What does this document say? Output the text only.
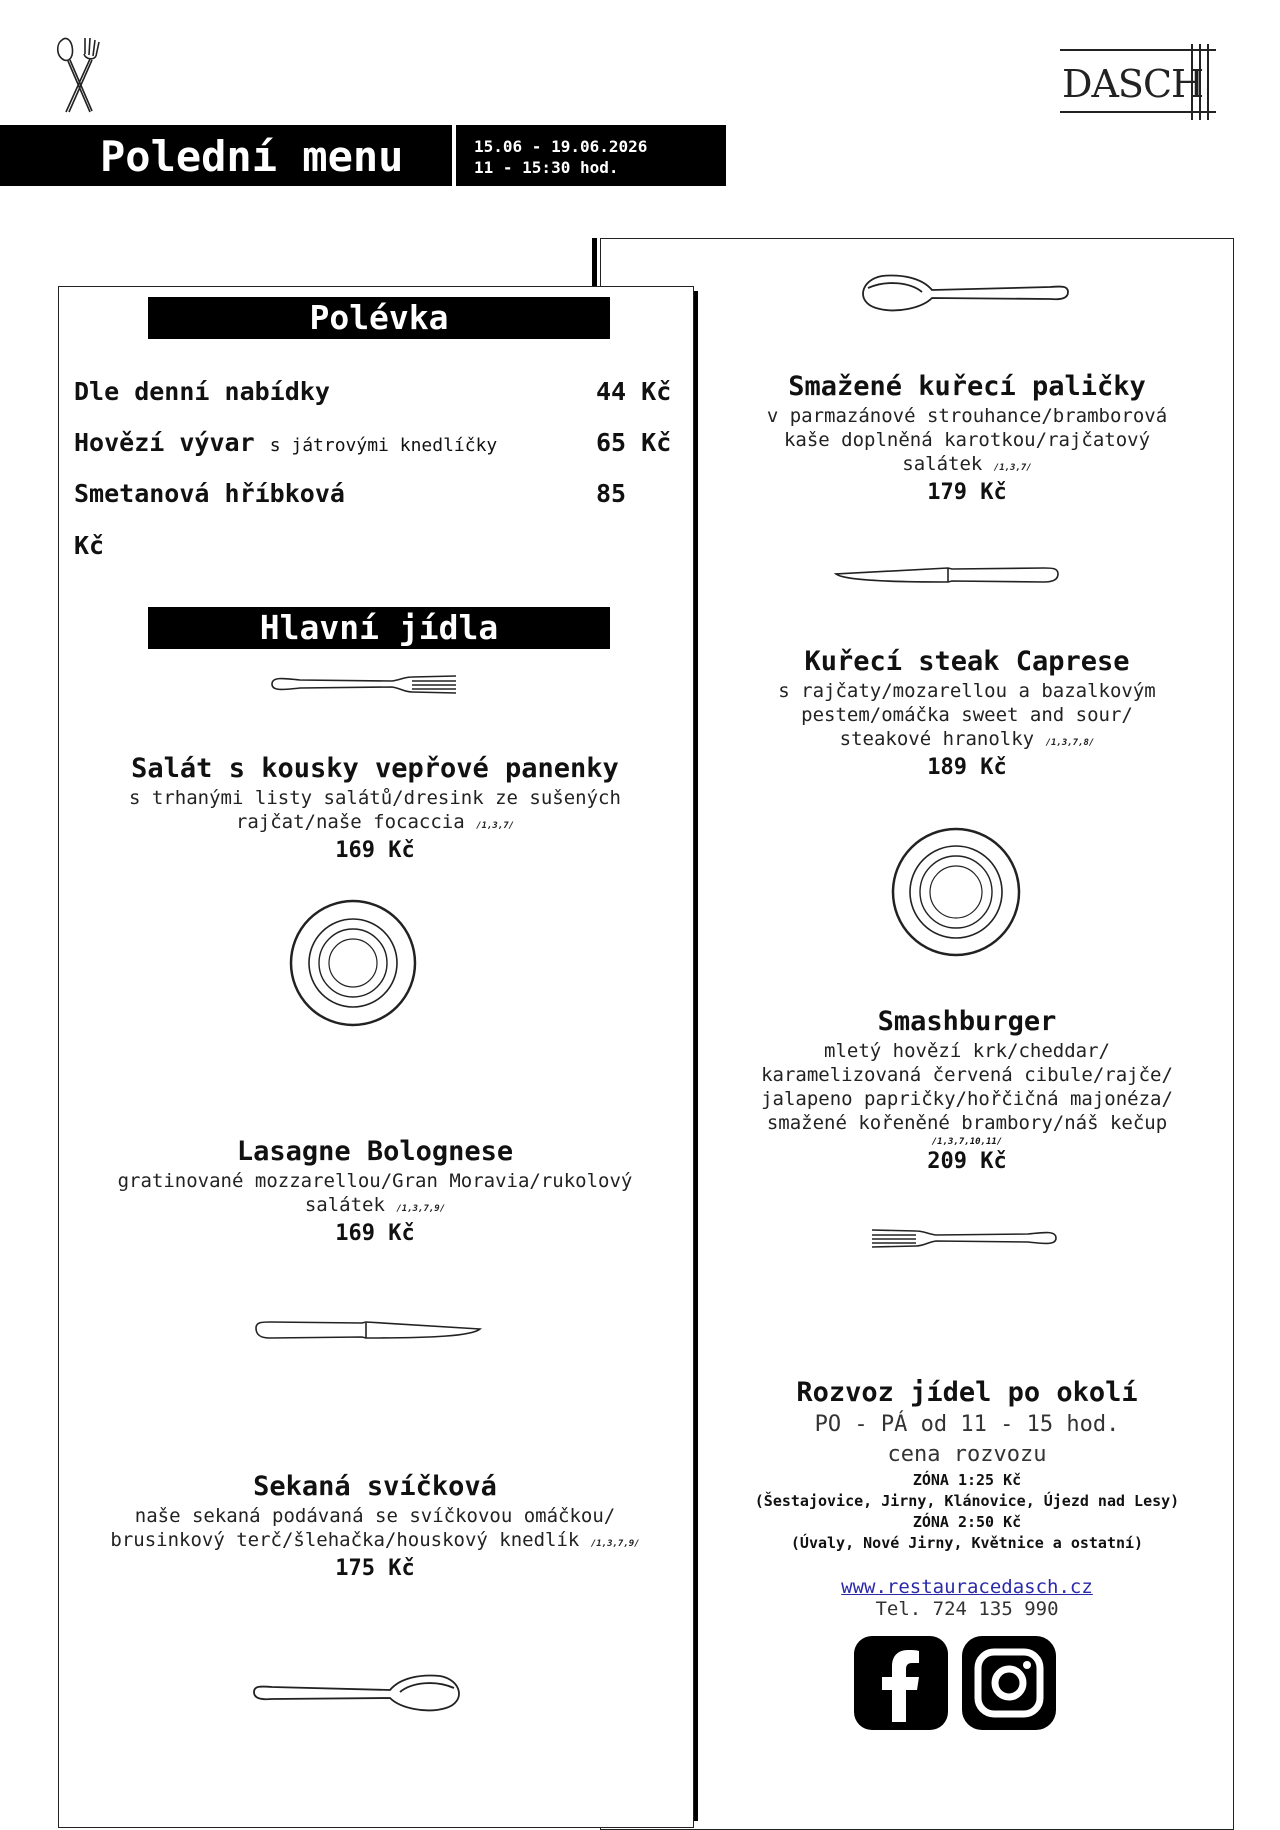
DASCH
Polední menu	15.06 - 19.06.2026
11 - 15:30 hod.
Polévka
Dle denní nabídky	44 Kč
Hovězí vývar s játrovými knedlíčky	65 Kč
Smetanová hříbková	85
Kč
Hlavní jídla
Salát s kousky vepřové panenky
s trhanými listy salátů/dresink ze sušených
rajčat/naše focaccia /1,3,7/
169 Kč
Lasagne Bolognese
gratinované mozzarellou/Gran Moravia/rukolový
salátek /1,3,7,9/
169 Kč
Sekaná svíčková
naše sekaná podávaná se svíčkovou omáčkou/
brusinkový terč/šlehačka/houskový knedlík /1,3,7,9/
175 Kč
Smažené kuřecí paličky
v parmazánové strouhance/bramborová
kaše doplněná karotkou/rajčatový
salátek /1,3,7/
179 Kč
Kuřecí steak Caprese
s rajčaty/mozarellou a bazalkovým
pestem/omáčka sweet and sour/
steakové hranolky /1,3,7,8/
189 Kč
Smashburger
mletý hovězí krk/cheddar/
karamelizovaná červená cibule/rajče/
jalapeno papričky/hořčičná majonéza/
smažené kořeněné brambory/náš kečup
/1,3,7,10,11/
209 Kč
Rozvoz jídel po okolí
PO - PÁ od 11 - 15 hod.
cena rozvozu
ZÓNA 1:25 Kč
(Šestajovice, Jirny, Klánovice, Újezd nad Lesy)
ZÓNA 2:50 Kč
(Úvaly, Nové Jirny, Květnice a ostatní)
www.restauracedasch.cz
Tel. 724 135 990
